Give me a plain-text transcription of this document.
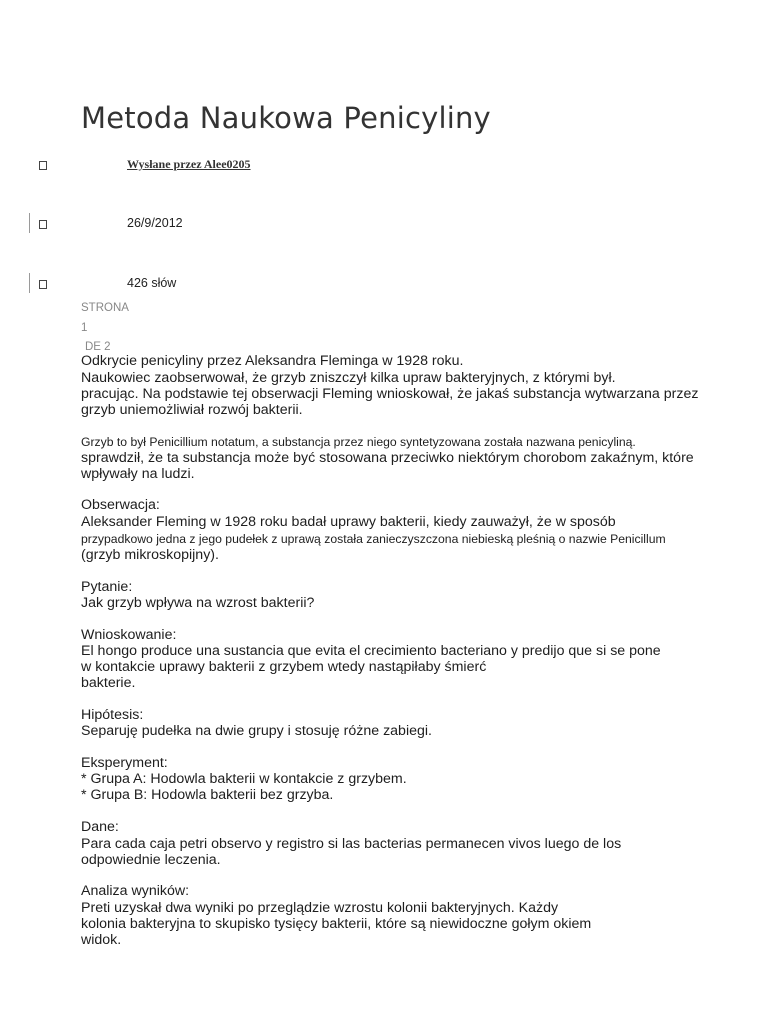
Metoda Naukowa Penicyliny
Wysłane przez Alee0205
26/9/2012
426 słów
STRONA
1
DE 2
Odkrycie penicyliny przez Aleksandra Fleminga w 1928 roku.
Naukowiec zaobserwował, że grzyb zniszczył kilka upraw bakteryjnych, z którymi był.
pracując. Na podstawie tej obserwacji Fleming wnioskował, że jakaś substancja wytwarzana przez
grzyb uniemożliwiał rozwój bakterii.
Grzyb to był Penicillium notatum, a substancja przez niego syntetyzowana została nazwana penicyliną.
sprawdził, że ta substancja może być stosowana przeciwko niektórym chorobom zakaźnym, które
wpływały na ludzi.
Obserwacja:
Aleksander Fleming w 1928 roku badał uprawy bakterii, kiedy zauważył, że w sposób
przypadkowo jedna z jego pudełek z uprawą została zanieczyszczona niebieską pleśnią o nazwie Penicillum
(grzyb mikroskopijny).
Pytanie:
Jak grzyb wpływa na wzrost bakterii?
Wnioskowanie:
El hongo produce una sustancia que evita el crecimiento bacteriano y predijo que si se pone
w kontakcie uprawy bakterii z grzybem wtedy nastąpiłaby śmierć
bakterie.
Hipótesis:
Separuję pudełka na dwie grupy i stosuję różne zabiegi.
Eksperyment:
* Grupa A: Hodowla bakterii w kontakcie z grzybem.
* Grupa B: Hodowla bakterii bez grzyba.
Dane:
Para cada caja petri observo y registro si las bacterias permanecen vivos luego de los
odpowiednie leczenia.
Analiza wyników:
Preti uzyskał dwa wyniki po przeglądzie wzrostu kolonii bakteryjnych. Każdy
kolonia bakteryjna to skupisko tysięcy bakterii, które są niewidoczne gołym okiem
widok.
